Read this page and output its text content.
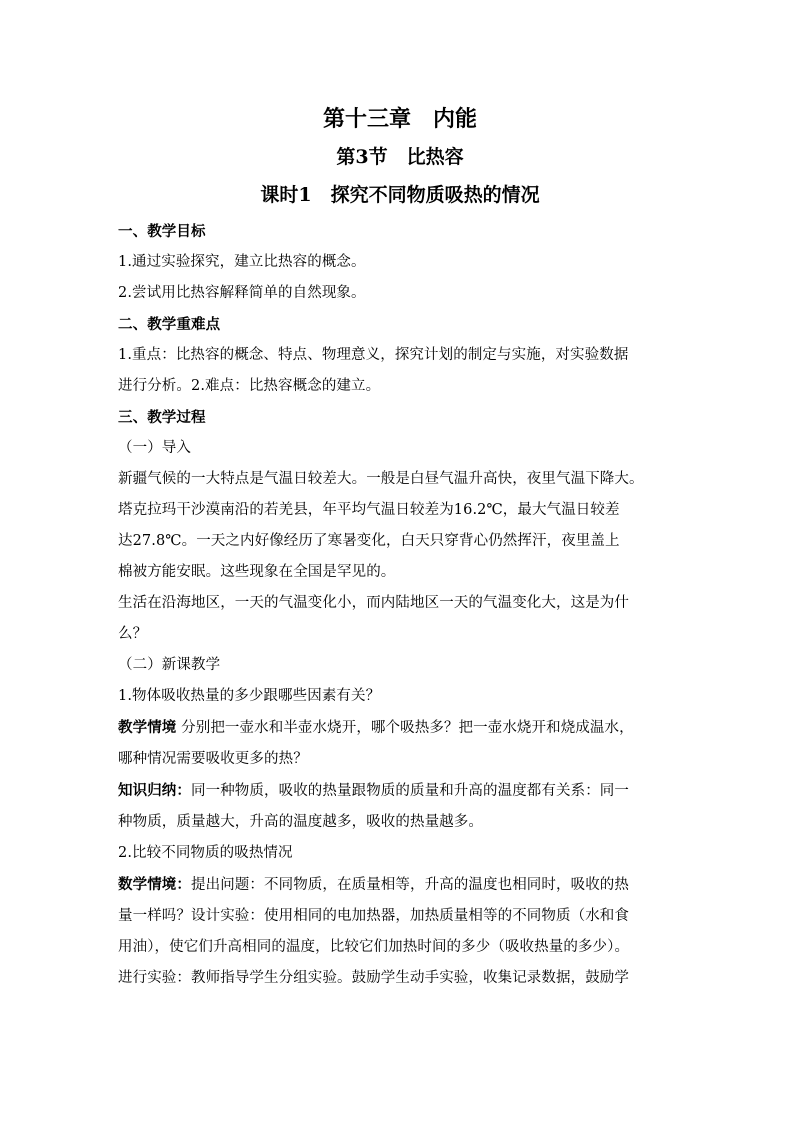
第十三章　内能
第3节　比热容
课时1　探究不同物质吸热的情况

一、教学目标

1.通过实验探究，建立比热容的概念。

2.尝试用比热容解释简单的自然现象。

二、教学重难点

1.重点：比热容的概念、特点、物理意义，探究计划的制定与实施，对实验数据

进行分析。2.难点：比热容概念的建立。

三、教学过程

（一）导入

新疆气候的一大特点是气温日较差大。一般是白昼气温升高快，夜里气温下降大。

塔克拉玛干沙漠南沿的若羌县，年平均气温日较差为16.2℃，最大气温日较差

达27.8℃。一天之内好像经历了寒暑变化，白天只穿背心仍然挥汗，夜里盖上

棉被方能安眠。这些现象在全国是罕见的。

生活在沿海地区，一天的气温变化小，而内陆地区一天的气温变化大，这是为什

么？

（二）新课教学

1.物体吸收热量的多少跟哪些因素有关？

教学情境 分别把一壶水和半壶水烧开，哪个吸热多？把一壶水烧开和烧成温水，

哪种情况需要吸收更多的热？

知识归纳：同一种物质，吸收的热量跟物质的质量和升高的温度都有关系：同一

种物质，质量越大，升高的温度越多，吸收的热量越多。

2.比较不同物质的吸热情况

数学情境：提出问题：不同物质，在质量相等，升高的温度也相同时，吸收的热

量一样吗？设计实验：使用相同的电加热器，加热质量相等的不同物质（水和食

用油），使它们升高相同的温度，比较它们加热时间的多少（吸收热量的多少）。

进行实验：教师指导学生分组实验。鼓励学生动手实验，收集记录数据，鼓励学
